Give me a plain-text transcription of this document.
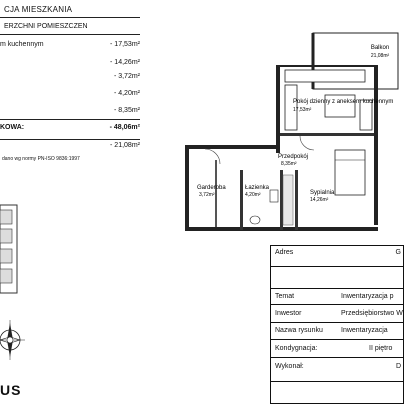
CJA MIESZKANIA
ERZCHNI POMIESZCZEN
m kuchennym	- 17,53m²
- 14,26m²
- 3,72m²
- 4,20m²
- 8,35m²
KOWA:	- 48,06m²
- 21,08m²
dano wg normy PN-ISO 9836:1997
Balkon
21,08m²
Pokój dzienny z aneksem kuchennym
17,53m²
Przedpokój
8,35m²
Sypialnia
14,26m²
Łazienka
4,20m²
Garderoba
3,72m²
US
Adres	G
Temat	Inwentaryzacja p
Inwestor	Przedsiębiorstwo W
Nazwa rysunku	Inwentaryzacja
Kondygnacja:	II piętro
Wykonał:	D
